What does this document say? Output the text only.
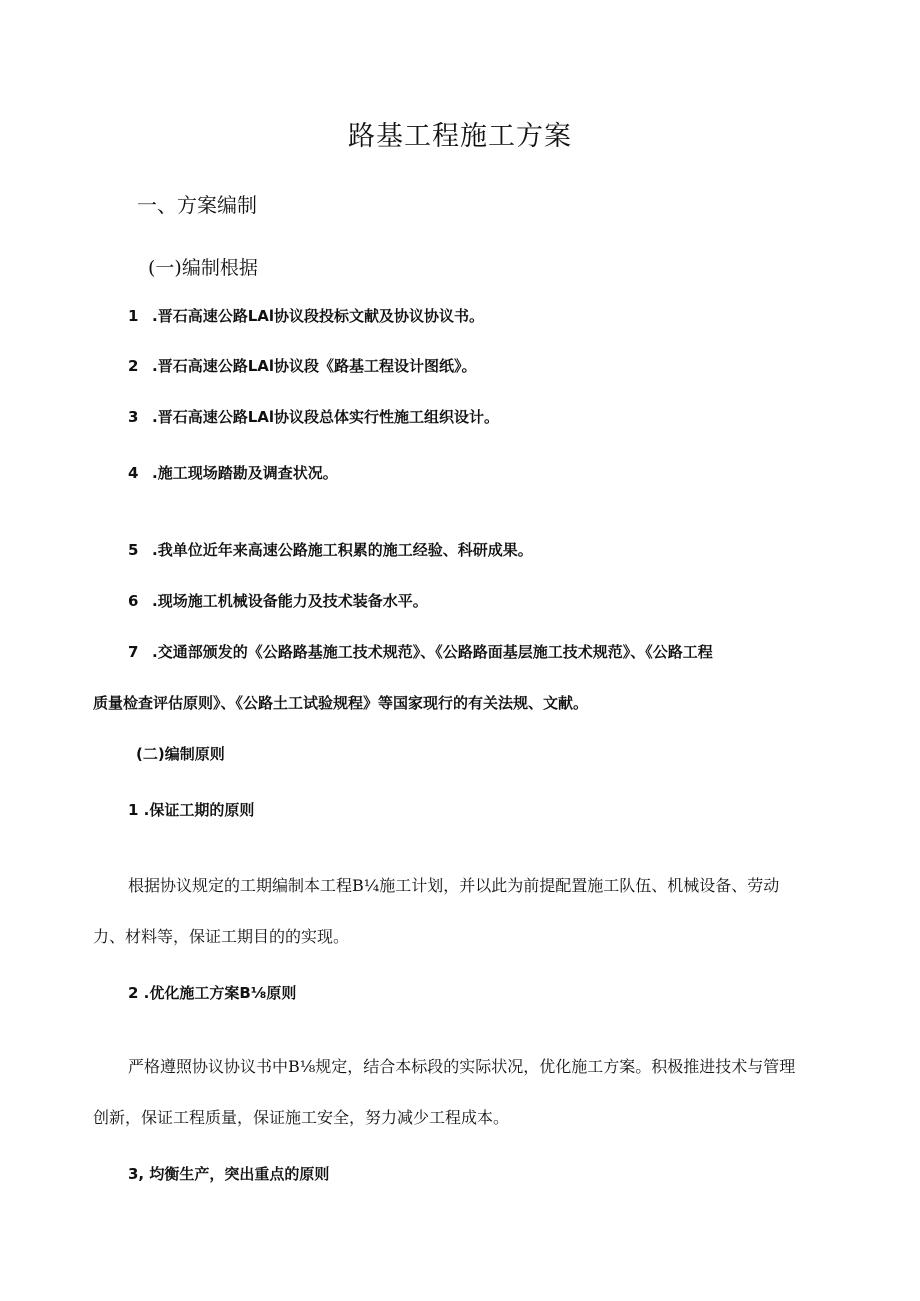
路基工程施工方案
一、方案编制
(一)编制根据
1 .晋石高速公路LAl协议段投标文献及协议协议书。
2 .晋石高速公路LAl协议段《路基工程设计图纸》。
3 .晋石高速公路LAl协议段总体实行性施工组织设计。
4 .施工现场踏勘及调查状况。
5 .我单位近年来高速公路施工积累的施工经验、科研成果。
6 .现场施工机械设备能力及技术装备水平。
7 .交通部颁发的《公路路基施工技术规范》、《公路路面基层施工技术规范》、《公路工程
质量检查评估原则》、《公路土工试验规程》等国家现行的有关法规、文献。
(二)编制原则
1 .保证工期的原则
根据协议规定的工期编制本工程B¼施工计划，并以此为前提配置施工队伍、机械设备、劳动
力、材料等，保证工期目的的实现。
2 .优化施工方案B⅛原则
严格遵照协议协议书中B⅛规定，结合本标段的实际状况，优化施工方案。积极推进技术与管理
创新，保证工程质量，保证施工安全，努力减少工程成本。
3, 均衡生产，突出重点的原则
